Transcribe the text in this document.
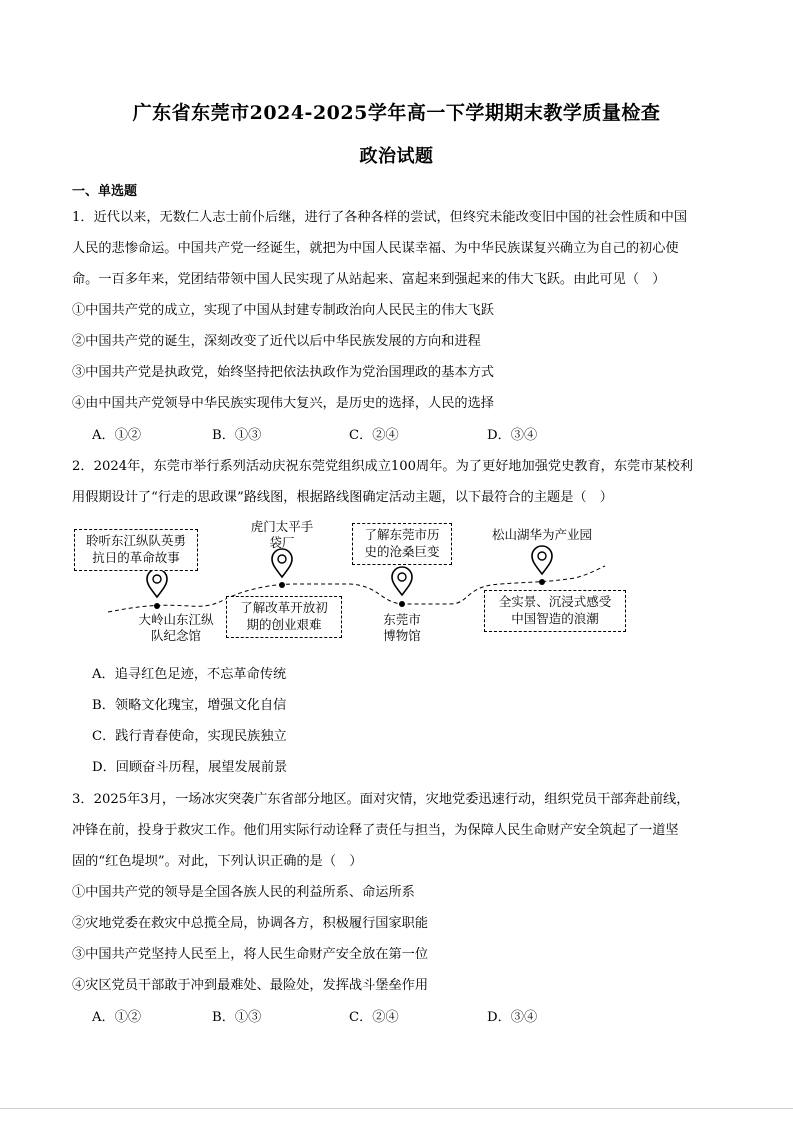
广东省东莞市2024-2025学年高一下学期期末教学质量检查
政治试题
一、单选题
1．近代以来，无数仁人志士前仆后继，进行了各种各样的尝试，但终究未能改变旧中国的社会性质和中国
人民的悲惨命运。中国共产党一经诞生，就把为中国人民谋幸福、为中华民族谋复兴确立为自己的初心使
命。一百多年来，党团结带领中国人民实现了从站起来、富起来到强起来的伟大飞跃。由此可见（　）
①中国共产党的成立，实现了中国从封建专制政治向人民民主的伟大飞跃
②中国共产党的诞生，深刻改变了近代以后中华民族发展的方向和进程
③中国共产党是执政党，始终坚持把依法执政作为党治国理政的基本方式
④由中国共产党领导中华民族实现伟大复兴，是历史的选择，人民的选择
A．①②	B．①③	C．②④	D．③④
2．2024年，东莞市举行系列活动庆祝东莞党组织成立100周年。为了更好地加强党史教育，东莞市某校利
用假期设计了“行走的思政课”路线图，根据路线图确定活动主题，以下最符合的主题是（　）
聆听东江纵队英勇
抗日的革命故事
大岭山东江纵
队纪念馆
虎门太平手
袋厂
了解改革开放初
期的创业艰难
了解东莞市历
史的沧桑巨变
东莞市
博物馆
松山湖华为产业园
全实景、沉浸式感受
中国智造的浪潮
A．追寻红色足迹，不忘革命传统
B．领略文化瑰宝，增强文化自信
C．践行青春使命，实现民族独立
D．回顾奋斗历程，展望发展前景
3．2025年3月，一场冰灾突袭广东省部分地区。面对灾情，灾地党委迅速行动，组织党员干部奔赴前线，
冲锋在前，投身于救灾工作。他们用实际行动诠释了责任与担当，为保障人民生命财产安全筑起了一道坚
固的“红色堤坝”。对此，下列认识正确的是（　）
①中国共产党的领导是全国各族人民的利益所系、命运所系
②灾地党委在救灾中总揽全局，协调各方，积极履行国家职能
③中国共产党坚持人民至上，将人民生命财产安全放在第一位
④灾区党员干部敢于冲到最难处、最险处，发挥战斗堡垒作用
A．①②	B．①③	C．②④	D．③④
